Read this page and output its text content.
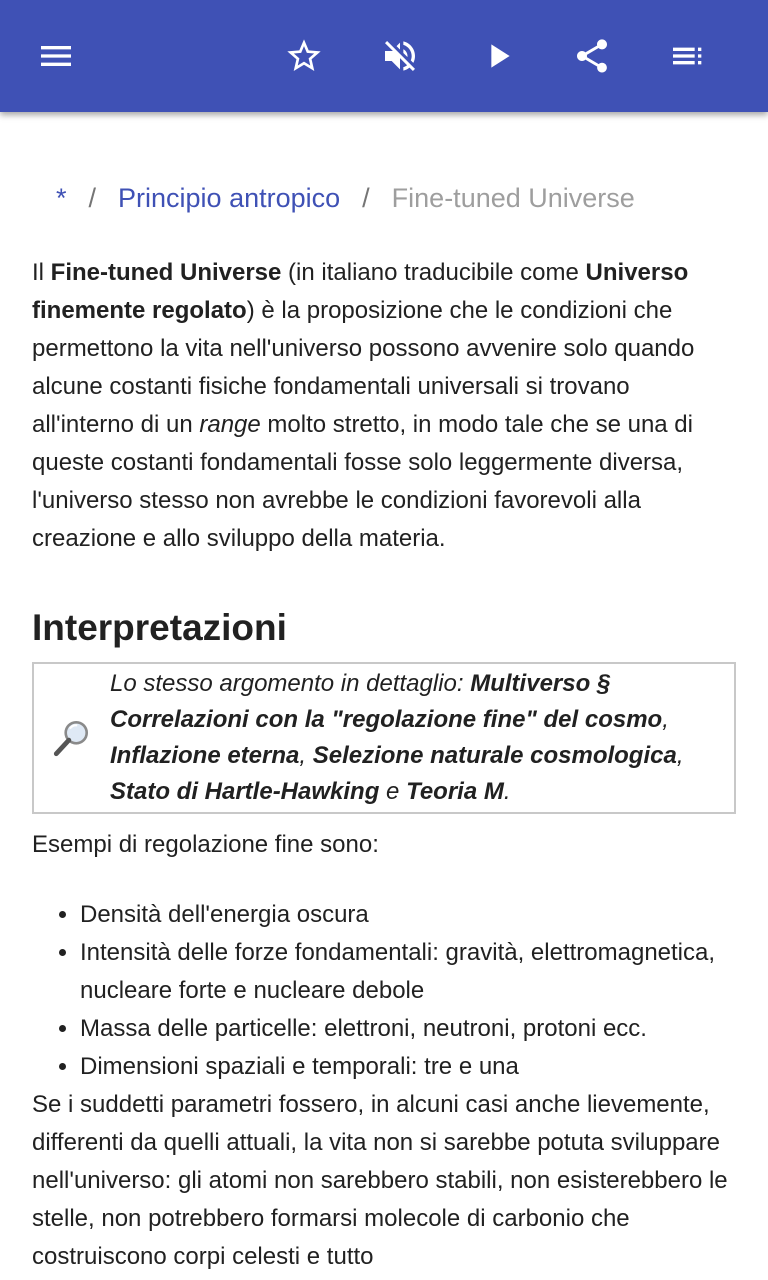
* / Principio antropico / Fine-tuned Universe

Il Fine-tuned Universe (in italiano traducibile come Universo finemente regolato) è la proposizione che le condizioni che permettono la vita nell'universo possono avvenire solo quando alcune costanti fisiche fondamentali universali si trovano all'interno di un range molto stretto, in modo tale che se una di queste costanti fondamentali fosse solo leggermente diversa, l'universo stesso non avrebbe le condizioni favorevoli alla creazione e allo sviluppo della materia.

Interpretazioni
Lo stesso argomento in dettaglio: Multiverso § Correlazioni con la "regolazione fine" del cosmo, Inflazione eterna, Selezione naturale cosmologica, Stato di Hartle-Hawking e Teoria M.

Esempi di regolazione fine sono:

• Densità dell'energia oscura
• Intensità delle forze fondamentali: gravità, elettromagnetica, nucleare forte e nucleare debole
• Massa delle particelle: elettroni, neutroni, protoni ecc.
• Dimensioni spaziali e temporali: tre e una

Se i suddetti parametri fossero, in alcuni casi anche lievemente, differenti da quelli attuali, la vita non si sarebbe potuta sviluppare nell'universo: gli atomi non sarebbero stabili, non esisterebbero le stelle, non potrebbero formarsi molecole di carbonio che costruiscono corpi celesti e tutto
